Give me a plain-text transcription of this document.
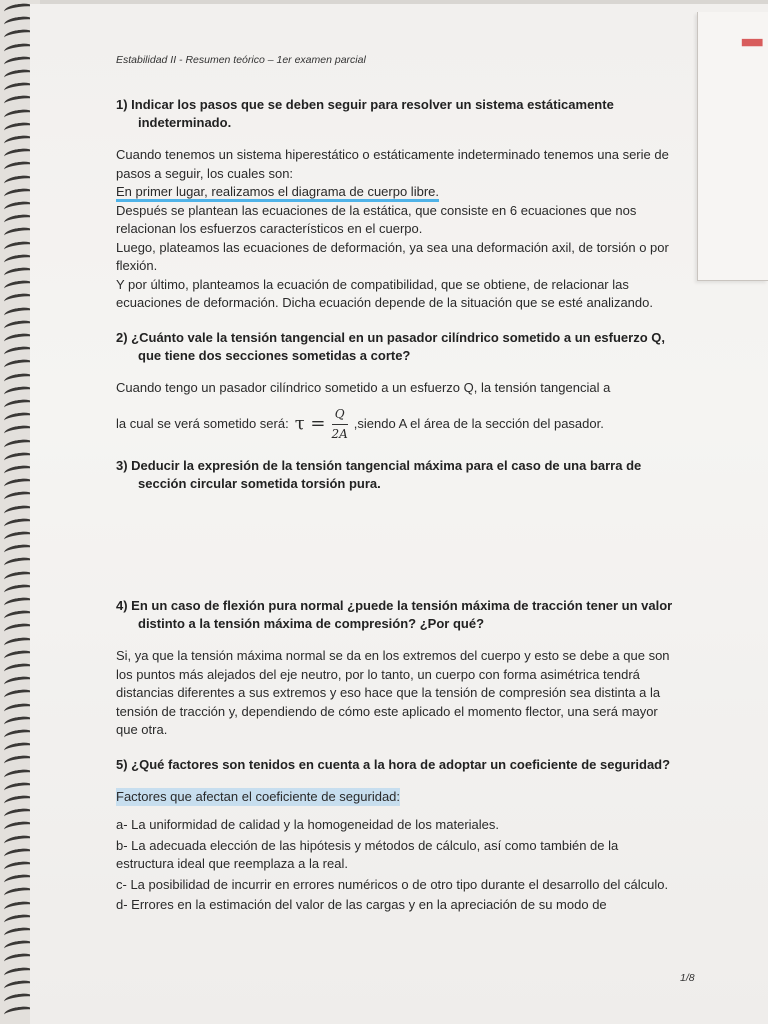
❚
Estabilidad II - Resumen teórico – 1er examen parcial
1) Indicar los pasos que se deben seguir para resolver un sistema estáticamente indeterminado.

Cuando tenemos un sistema hiperestático o estáticamente indeterminado tenemos una serie de pasos a seguir, los cuales son:

En primer lugar, realizamos el diagrama de cuerpo libre.

Después se plantean las ecuaciones de la estática, que consiste en 6 ecuaciones que nos relacionan los esfuerzos característicos en el cuerpo.

Luego, plateamos las ecuaciones de deformación, ya sea una deformación axil, de torsión o por flexión.

Y por último, planteamos la ecuación de compatibilidad, que se obtiene, de relacionar las ecuaciones de deformación. Dicha ecuación depende de la situación que se esté analizando.

2) ¿Cuánto vale la tensión tangencial en un pasador cilíndrico sometido a un esfuerzo Q, que tiene dos secciones sometidas a corte?

Cuando tengo un pasador cilíndrico sometido a un esfuerzo Q, la tensión tangencial a

la cual se verá sometido será: $\tau = \frac{Q}{2A}$ ,siendo A el área de la sección del pasador.
3) Deducir la expresión de la tensión tangencial máxima para el caso de una barra de sección circular sometida torsión pura.
4) En un caso de flexión pura normal ¿puede la tensión máxima de tracción tener un valor distinto a la tensión máxima de compresión? ¿Por qué?

Si, ya que la tensión máxima normal se da en los extremos del cuerpo y esto se debe a que son los puntos más alejados del eje neutro, por lo tanto, un cuerpo con forma asimétrica tendrá distancias diferentes a sus extremos y eso hace que la tensión de compresión sea distinta a la tensión de tracción y, dependiendo de cómo este aplicado el momento flector, una será mayor que otra.

5) ¿Qué factores son tenidos en cuenta a la hora de adoptar un coeficiente de seguridad?

Factores que afectan el coeficiente de seguridad:

a- La uniformidad de calidad y la homogeneidad de los materiales.

b- La adecuada elección de las hipótesis y métodos de cálculo, así como también de la estructura ideal que reemplaza a la real.

c- La posibilidad de incurrir en errores numéricos o de otro tipo durante el desarrollo del cálculo.

d- Errores en la estimación del valor de las cargas y en la apreciación de su modo de

1/8
